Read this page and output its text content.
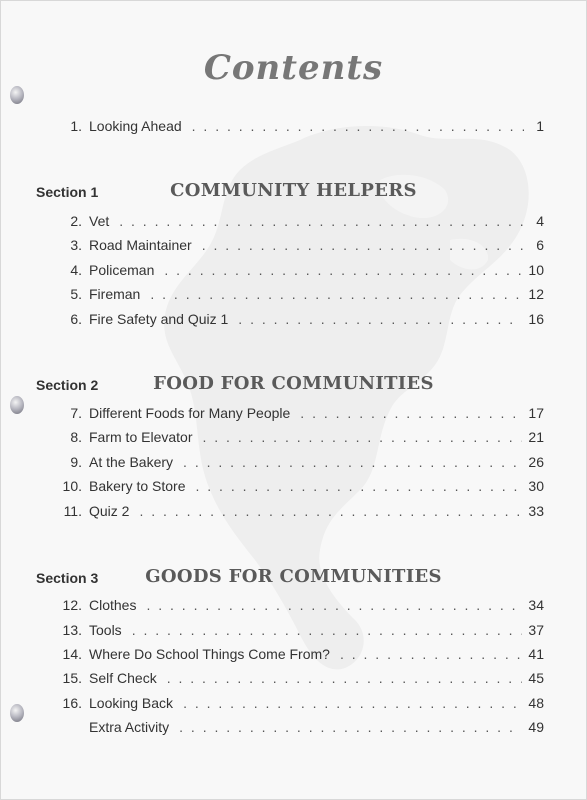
Contents
1. Looking Ahead . . .	1
Section 1	COMMUNITY HELPERS
2. Vet . . .	4
3. Road Maintainer . . .	6
4. Policeman . . .	10
5. Fireman . . .	12
6. Fire Safety and Quiz 1 . . .	16
Section 2	FOOD FOR COMMUNITIES
7. Different Foods for Many People . . .	17
8. Farm to Elevator . . .	21
9. At the Bakery . . .	26
10. Bakery to Store . . .	30
11. Quiz 2 . . .	33
Section 3	GOODS FOR COMMUNITIES
12. Clothes . . .	34
13. Tools . . .	37
14. Where Do School Things Come From? . . .	41
15. Self Check . . .	45
16. Looking Back . . .	48
Extra Activity . . .	49
